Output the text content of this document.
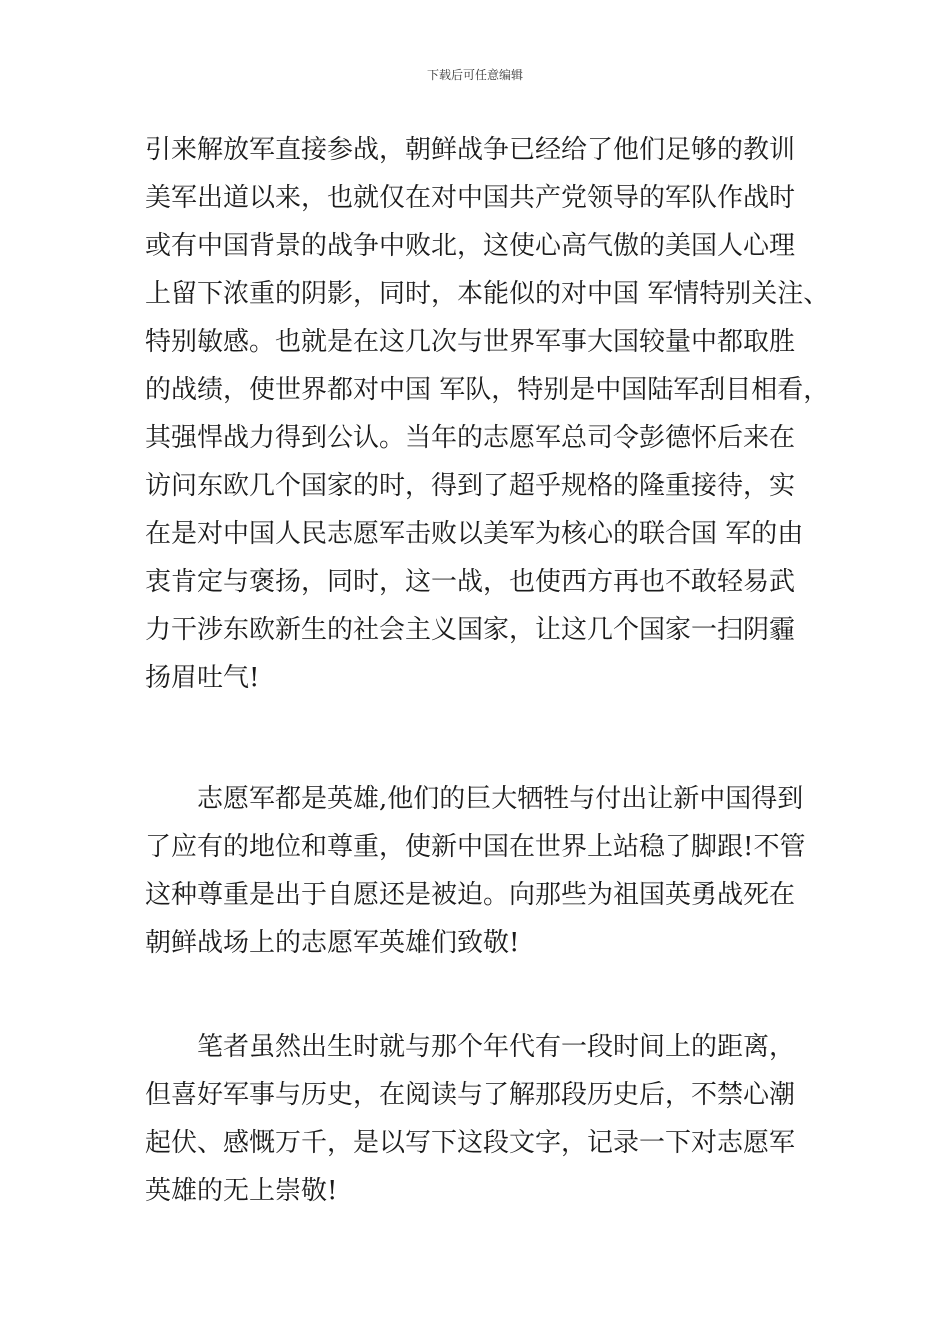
下载后可任意编辑
引来解放军直接参战，朝鲜战争已经给了他们足够的教训
美军出道以来，也就仅在对中国共产党领导的军队作战时
或有中国背景的战争中败北，这使心高气傲的美国人心理
上留下浓重的阴影，同时，本能似的对中国 军情特别关注、
特别敏感。也就是在这几次与世界军事大国较量中都取胜
的战绩，使世界都对中国 军队，特别是中国陆军刮目相看，
其强悍战力得到公认。当年的志愿军总司令彭德怀后来在
访问东欧几个国家的时，得到了超乎规格的隆重接待，实
在是对中国人民志愿军击败以美军为核心的联合国 军的由
衷肯定与褒扬，同时，这一战，也使西方再也不敢轻易武
力干涉东欧新生的社会主义国家，让这几个国家一扫阴霾
扬眉吐气!
志愿军都是英雄,他们的巨大牺牲与付出让新中国得到
了应有的地位和尊重，使新中国在世界上站稳了脚跟!不管
这种尊重是出于自愿还是被迫。向那些为祖国英勇战死在
朝鲜战场上的志愿军英雄们致敬!
笔者虽然出生时就与那个年代有一段时间上的距离，
但喜好军事与历史，在阅读与了解那段历史后，不禁心潮
起伏、感慨万千，是以写下这段文字，记录一下对志愿军
英雄的无上崇敬!
